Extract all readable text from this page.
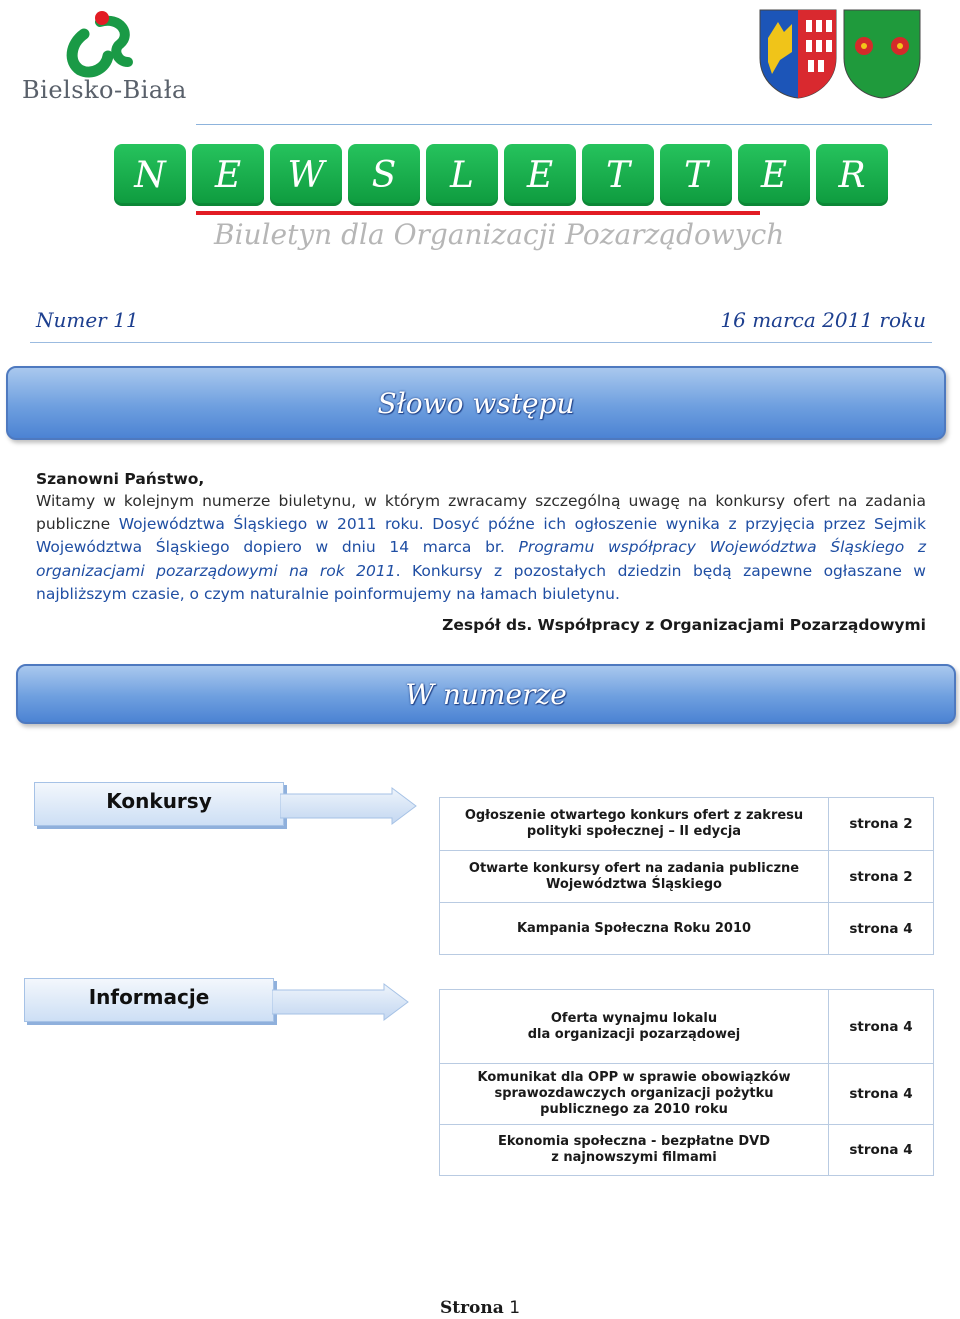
Bielsko-Biała
N	E	W	S	L	E	T	T	E	R
Biuletyn dla Organizacji Pozarządowych
Numer 11	16 marca 2011 roku
Słowo wstępu
Szanowni Państwo,
Witamy w kolejnym numerze biuletynu, w którym zwracamy szczególną uwagę na konkursy ofert na zadania publiczne Województwa Śląskiego w 2011 roku. Dosyć późne ich ogłoszenie wynika z przyjęcia przez Sejmik Województwa Śląskiego dopiero w dniu 14 marca br. Programu współpracy Województwa Śląskiego z organizacjami pozarządowymi na rok 2011. Konkursy z pozostałych dziedzin będą zapewne ogłaszane w najbliższym czasie, o czym naturalnie poinformujemy na łamach biuletynu.
Zespół ds. Współpracy z Organizacjami Pozarządowymi
W numerze
Konkursy
Ogłoszenie otwartego konkurs ofert z zakresu
polityki społecznej – II edycja	strona 2
Otwarte konkursy ofert na zadania publiczne
Województwa Śląskiego	strona 2
Kampania Społeczna Roku 2010	strona 4
Informacje
Oferta wynajmu lokalu
dla organizacji pozarządowej	strona 4
Komunikat dla OPP w sprawie obowiązków
sprawozdawczych organizacji pożytku
publicznego za 2010 roku	strona 4
Ekonomia społeczna - bezpłatne DVD
z najnowszymi filmami	strona 4
Strona 1
